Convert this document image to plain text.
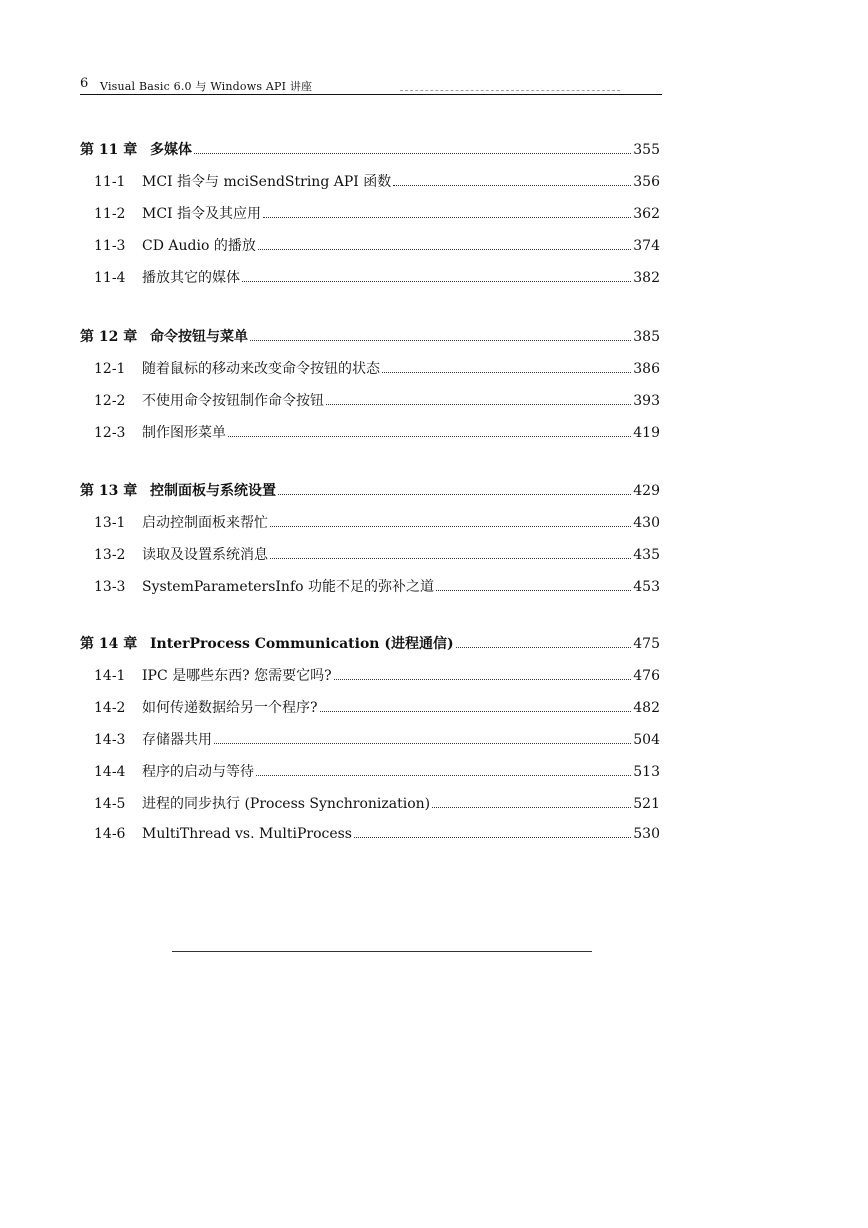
6 Visual Basic 6.0 与 Windows API 讲座
第 11 章 多媒体	355
11-1	MCI 指令与 mciSendString API 函数	356
11-2	MCI 指令及其应用	362
11-3	CD Audio 的播放	374
11-4	播放其它的媒体	382
第 12 章 命令按钮与菜单	385
12-1	随着鼠标的移动来改变命令按钮的状态	386
12-2	不使用命令按钮制作命令按钮	393
12-3	制作图形菜单	419
第 13 章 控制面板与系统设置	429
13-1	启动控制面板来帮忙	430
13-2	读取及设置系统消息	435
13-3	SystemParametersInfo 功能不足的弥补之道	453
第 14 章 InterProcess Communication (进程通信)	475
14-1	IPC 是哪些东西? 您需要它吗?	476
14-2	如何传递数据给另一个程序?	482
14-3	存储器共用	504
14-4	程序的启动与等待	513
14-5	进程的同步执行 (Process Synchronization)	521
14-6	MultiThread vs. MultiProcess	530
